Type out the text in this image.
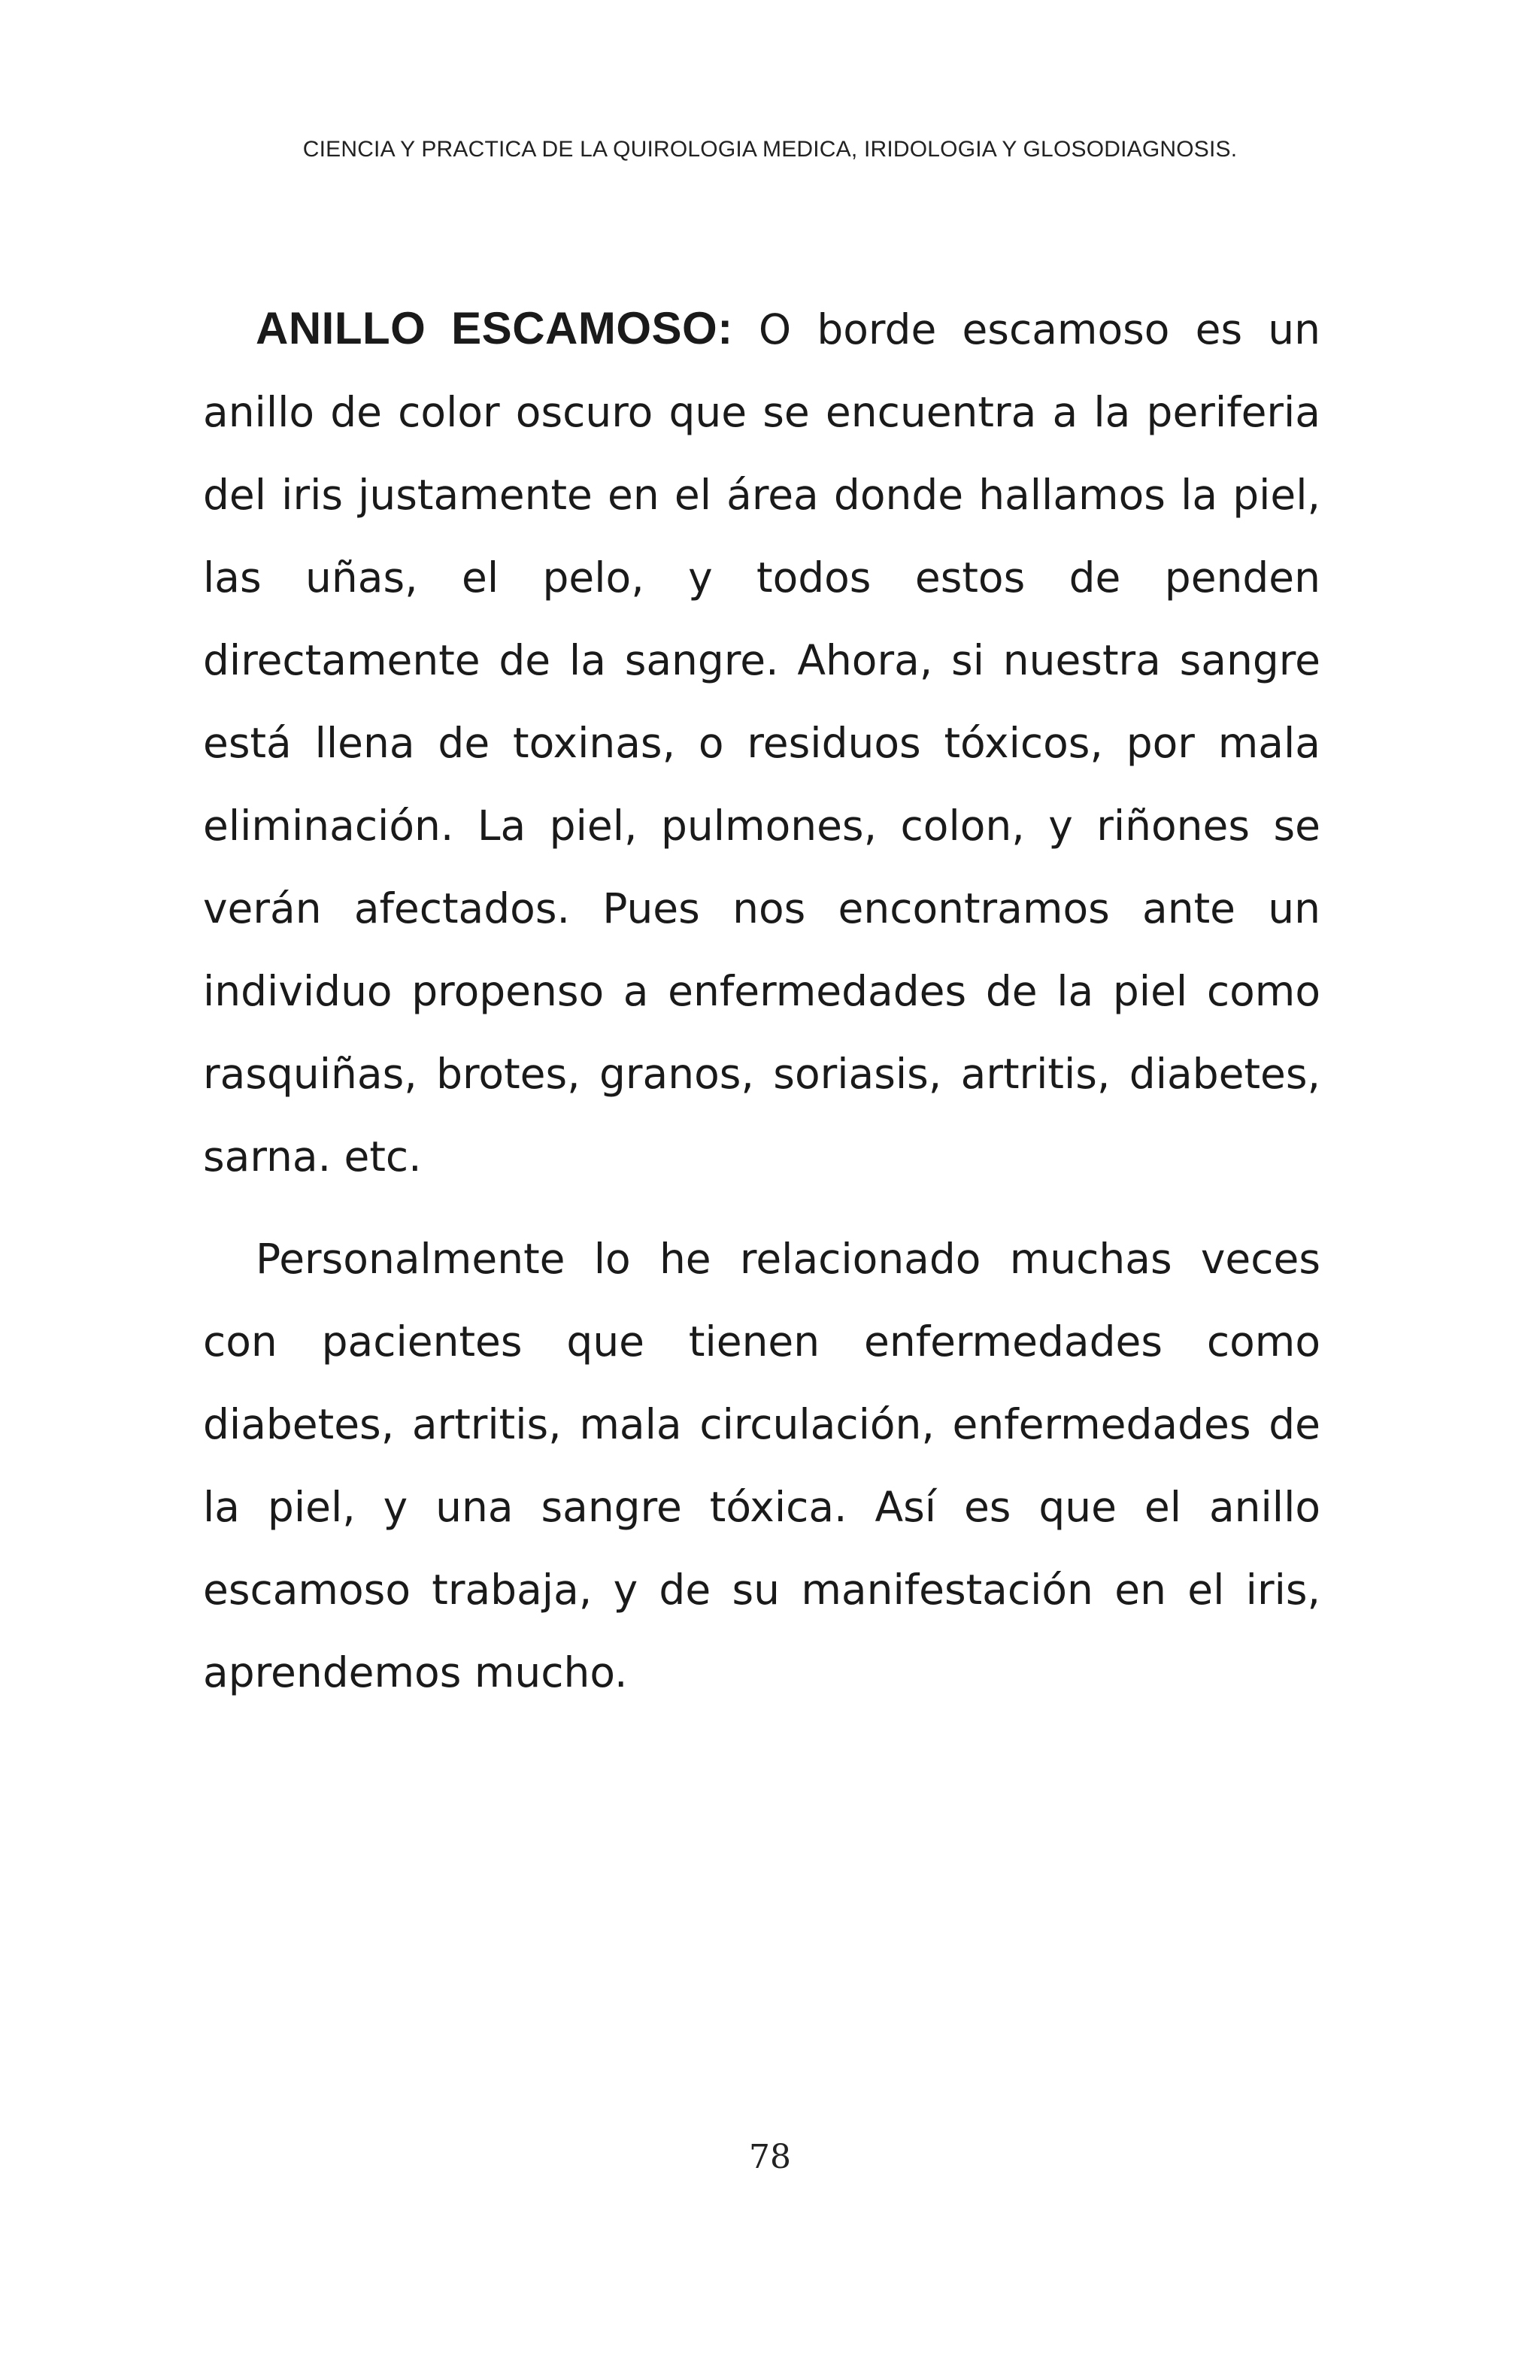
CIENCIA Y PRACTICA DE LA QUIROLOGIA MEDICA, IRIDOLOGIA Y GLOSODIAGNOSIS.

ANILLO ESCAMOSO: O borde escamoso es un anillo de color oscuro que se encuentra a la periferia del iris justamente en el área donde hallamos la piel, las uñas, el pelo, y todos estos de penden directamente de la sangre. Ahora, si nuestra sangre está llena de toxinas, o residuos tóxicos, por mala eliminación. La piel, pulmones, colon, y riñones se verán afectados. Pues nos encontramos ante un individuo propenso a enfermedades de la piel como rasquiñas, brotes, granos, soriasis, artritis, diabetes, sarna. etc.

Personalmente lo he relacionado muchas veces con pacientes que tienen enfermedades como diabetes, artritis, mala circulación, enfermedades de la piel, y una sangre tóxica. Así es que el anillo escamoso trabaja, y de su manifestación en el iris, aprendemos mucho.

78
